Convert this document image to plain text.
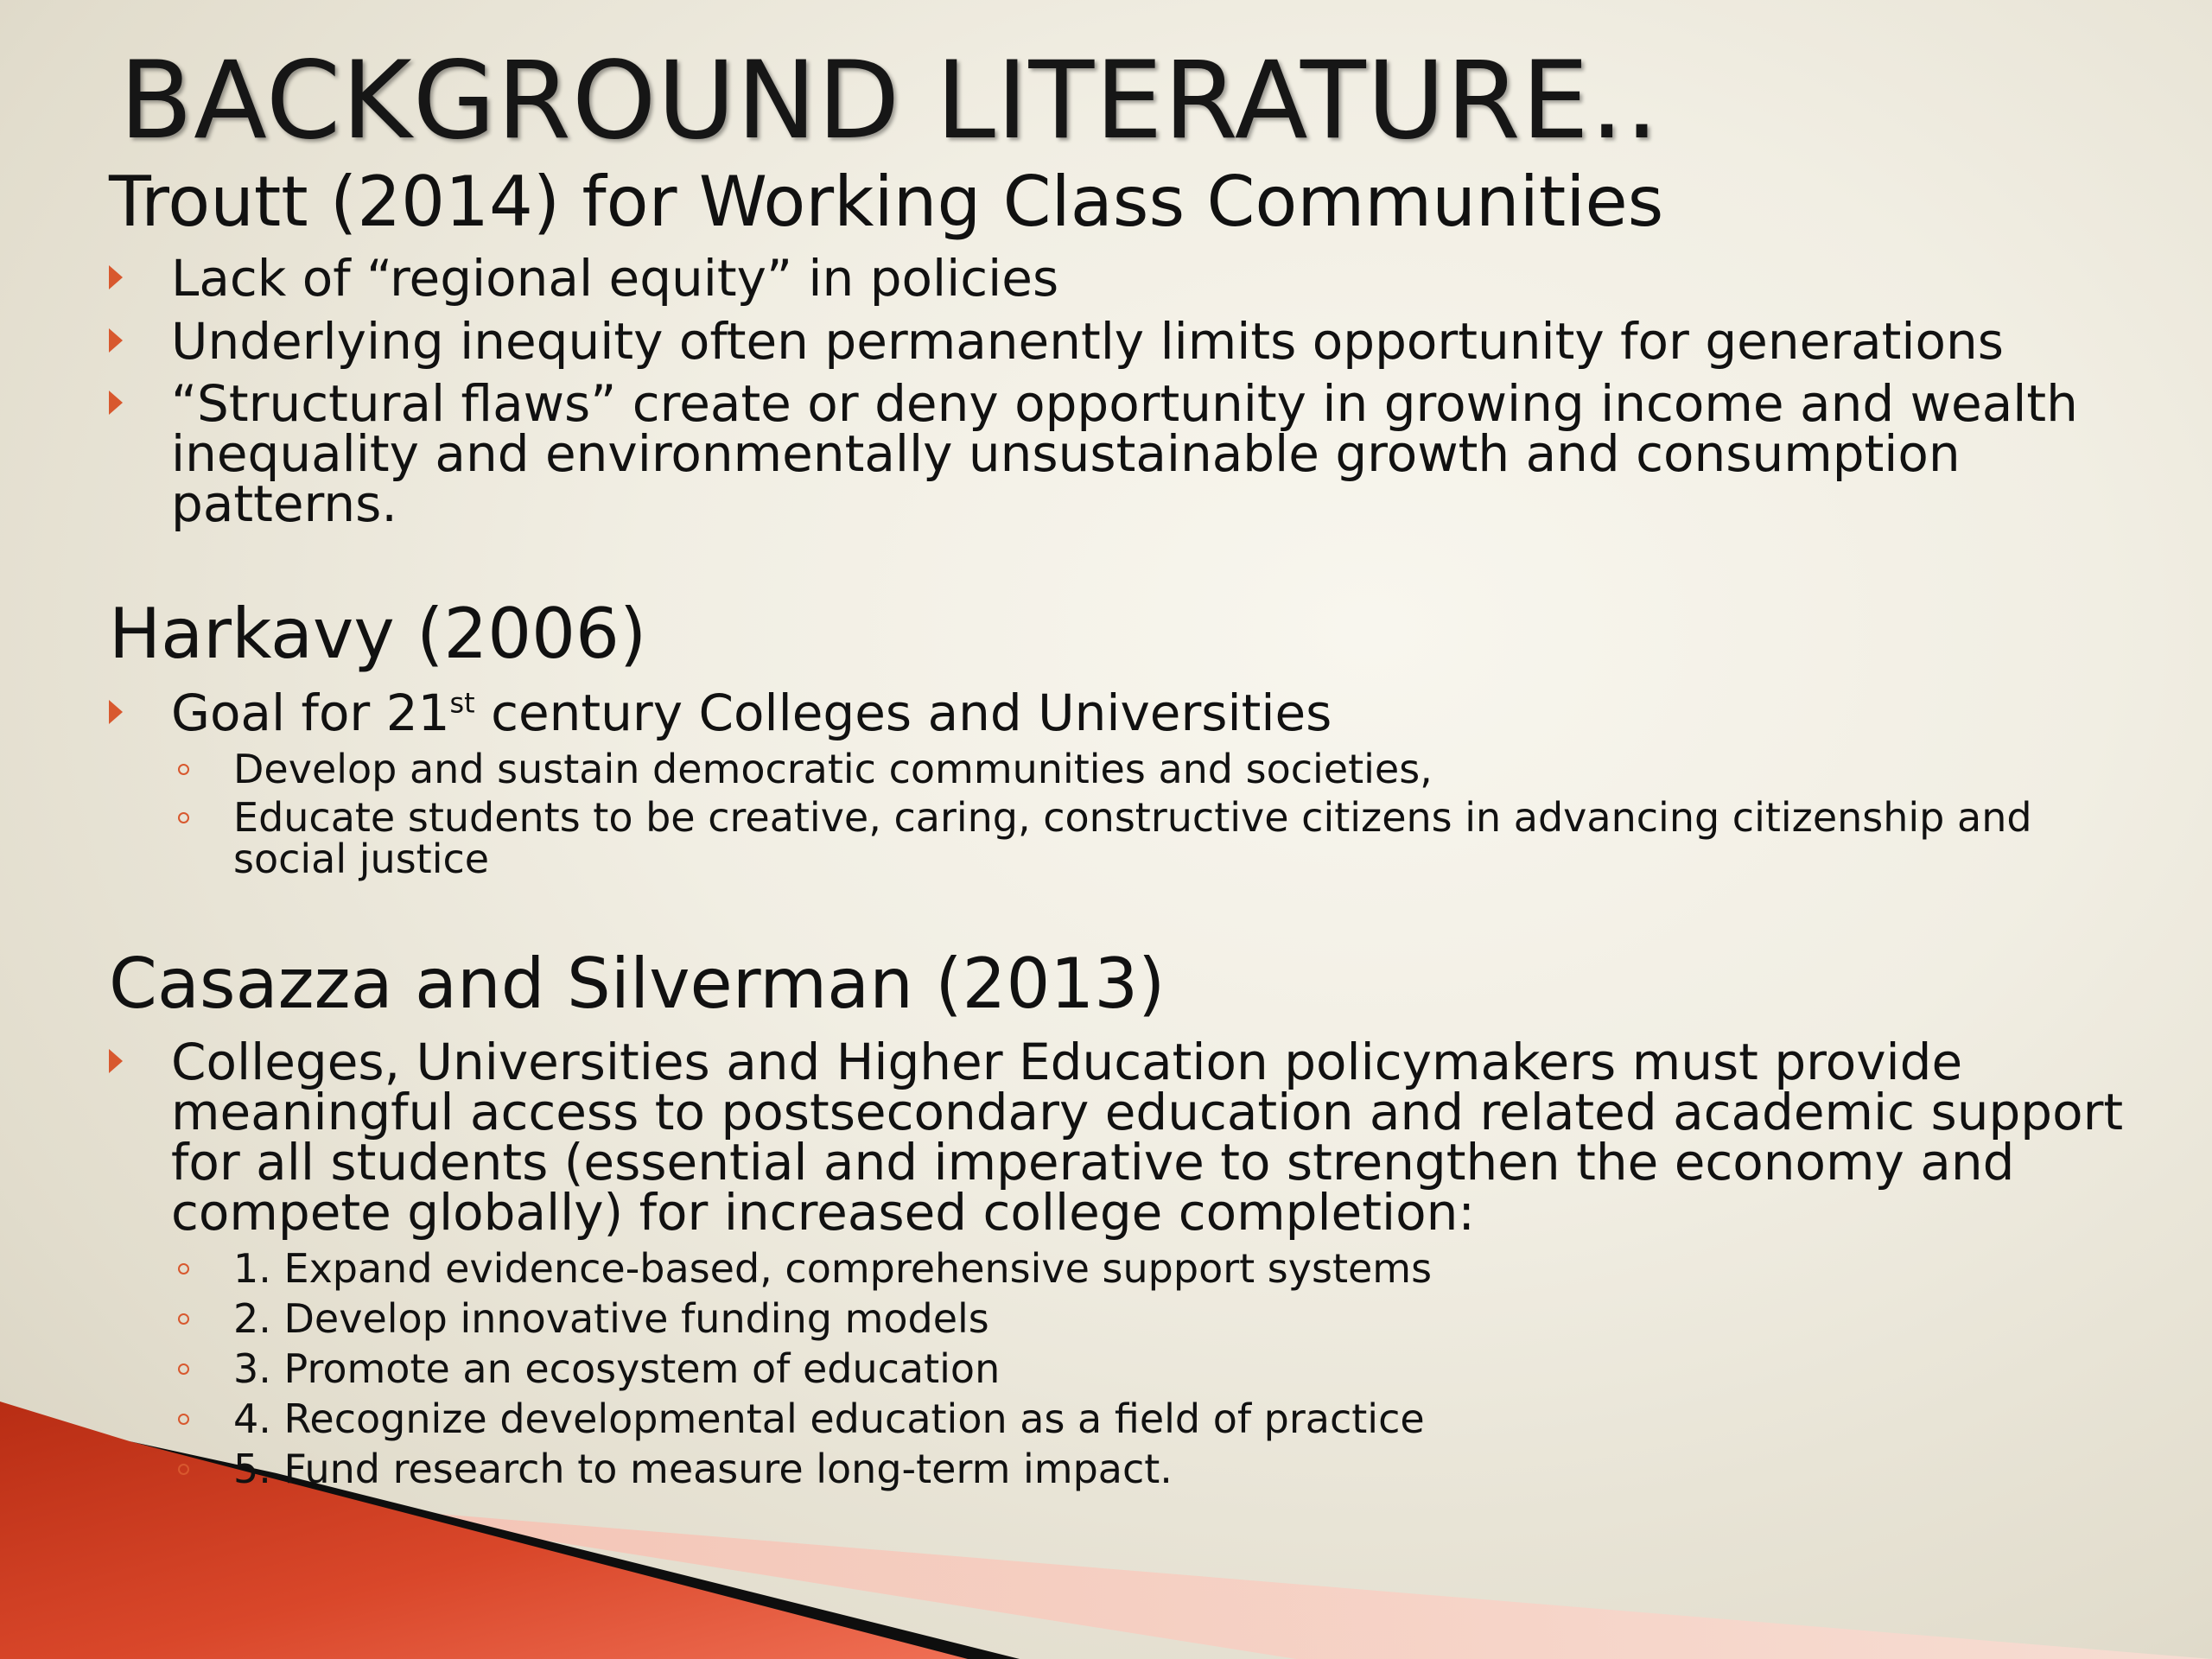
BACKGROUND LITERATURE..
Troutt (2014) for Working Class Communities
Lack of “regional equity” in policies
Underlying inequity often permanently limits opportunity for generations
“Structural flaws” create or deny opportunity in growing income and wealth inequality and environmentally unsustainable growth and consumption patterns.
Harkavy (2006)
Goal for 21st century Colleges and Universities
Develop and sustain democratic communities and societies,
Educate students to be creative, caring, constructive citizens in advancing citizenship and social justice
Casazza and Silverman (2013)
Colleges, Universities and Higher Education policymakers must provide meaningful access to postsecondary education and related academic support for all students (essential and imperative to strengthen the economy and compete globally) for increased college completion:
1. Expand evidence-based, comprehensive support systems
2. Develop innovative funding models
3. Promote an ecosystem of education
4. Recognize developmental education as a field of practice
5. Fund research to measure long-term impact.
